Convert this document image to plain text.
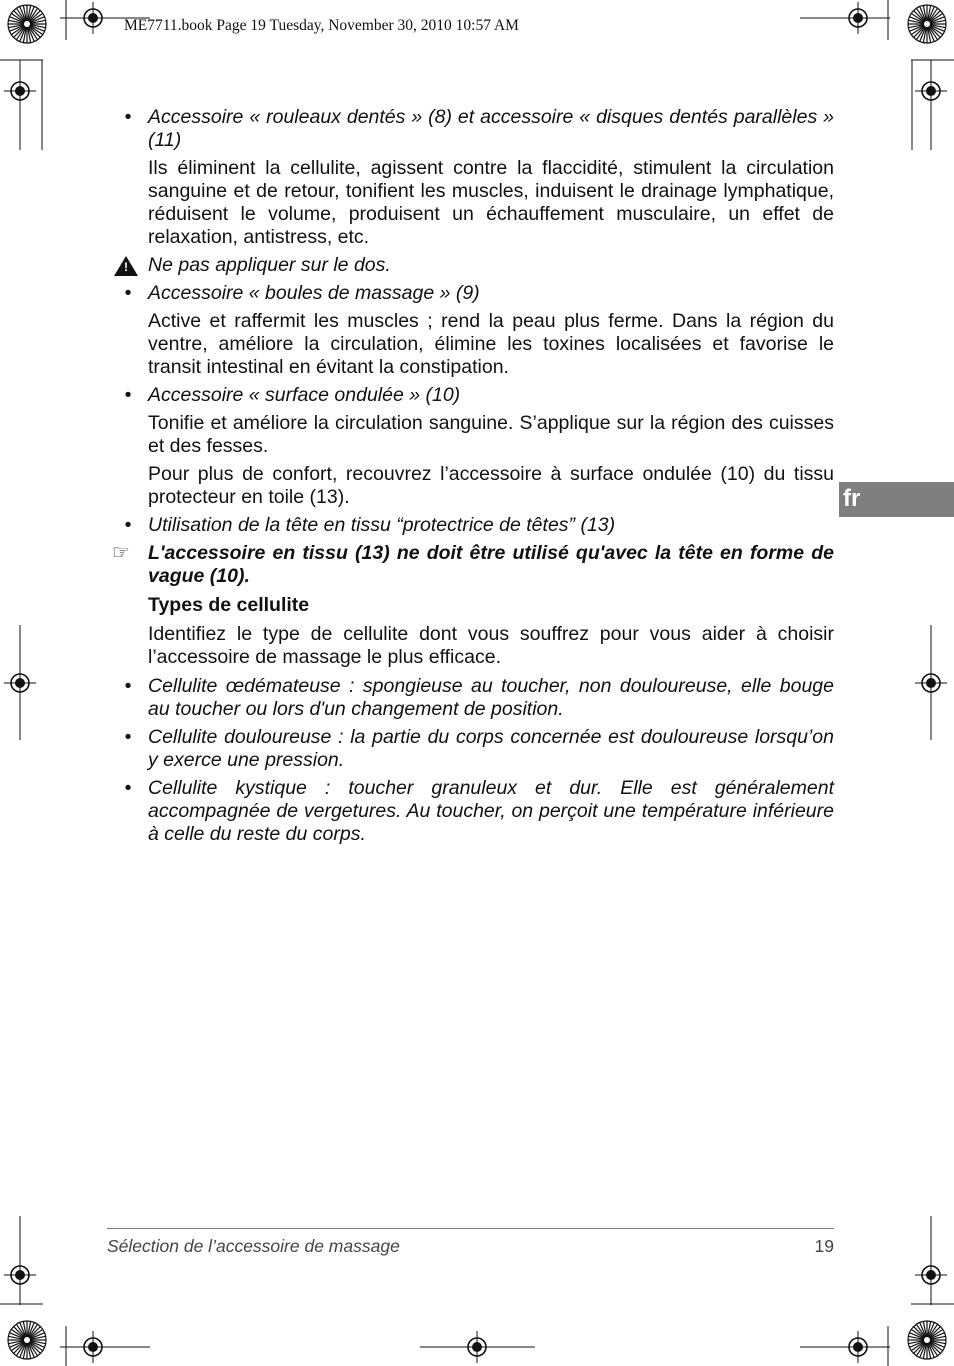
ME7711.book Page 19 Tuesday, November 30, 2010 10:57 AM
• Accessoire « rouleaux dentés » (8) et accessoire « disques dentés parallèles » (11)
Ils éliminent la cellulite, agissent contre la flaccidité, stimulent la circulation sanguine et de retour, tonifient les muscles, induisent le drainage lymphatique, réduisent le volume, produisent un échauffement musculaire, un effet de relaxation, antistress, etc.
! Ne pas appliquer sur le dos.
• Accessoire « boules de massage » (9)
Active et raffermit les muscles ; rend la peau plus ferme. Dans la région du ventre, améliore la circulation, élimine les toxines localisées et favorise le transit intestinal en évitant la constipation.
• Accessoire « surface ondulée » (10)
Tonifie et améliore la circulation sanguine. S’applique sur la région des cuisses et des fesses.
Pour plus de confort, recouvrez l’accessoire à surface ondulée (10) du tissu protecteur en toile (13).
• Utilisation de la tête en tissu “protectrice de têtes” (13)
☞ L'accessoire en tissu (13) ne doit être utilisé qu'avec la tête en forme de vague (10).
Types de cellulite
Identifiez le type de cellulite dont vous souffrez pour vous aider à choisir l’accessoire de massage le plus efficace.
• Cellulite œdémateuse : spongieuse au toucher, non douloureuse, elle bouge au toucher ou lors d'un changement de position.
• Cellulite douloureuse : la partie du corps concernée est douloureuse lorsqu’on y exerce une pression.
• Cellulite kystique : toucher granuleux et dur. Elle est généralement accompagnée de vergetures. Au toucher, on perçoit une température inférieure à celle du reste du corps.
fr
Sélection de l’accessoire de massage	19
